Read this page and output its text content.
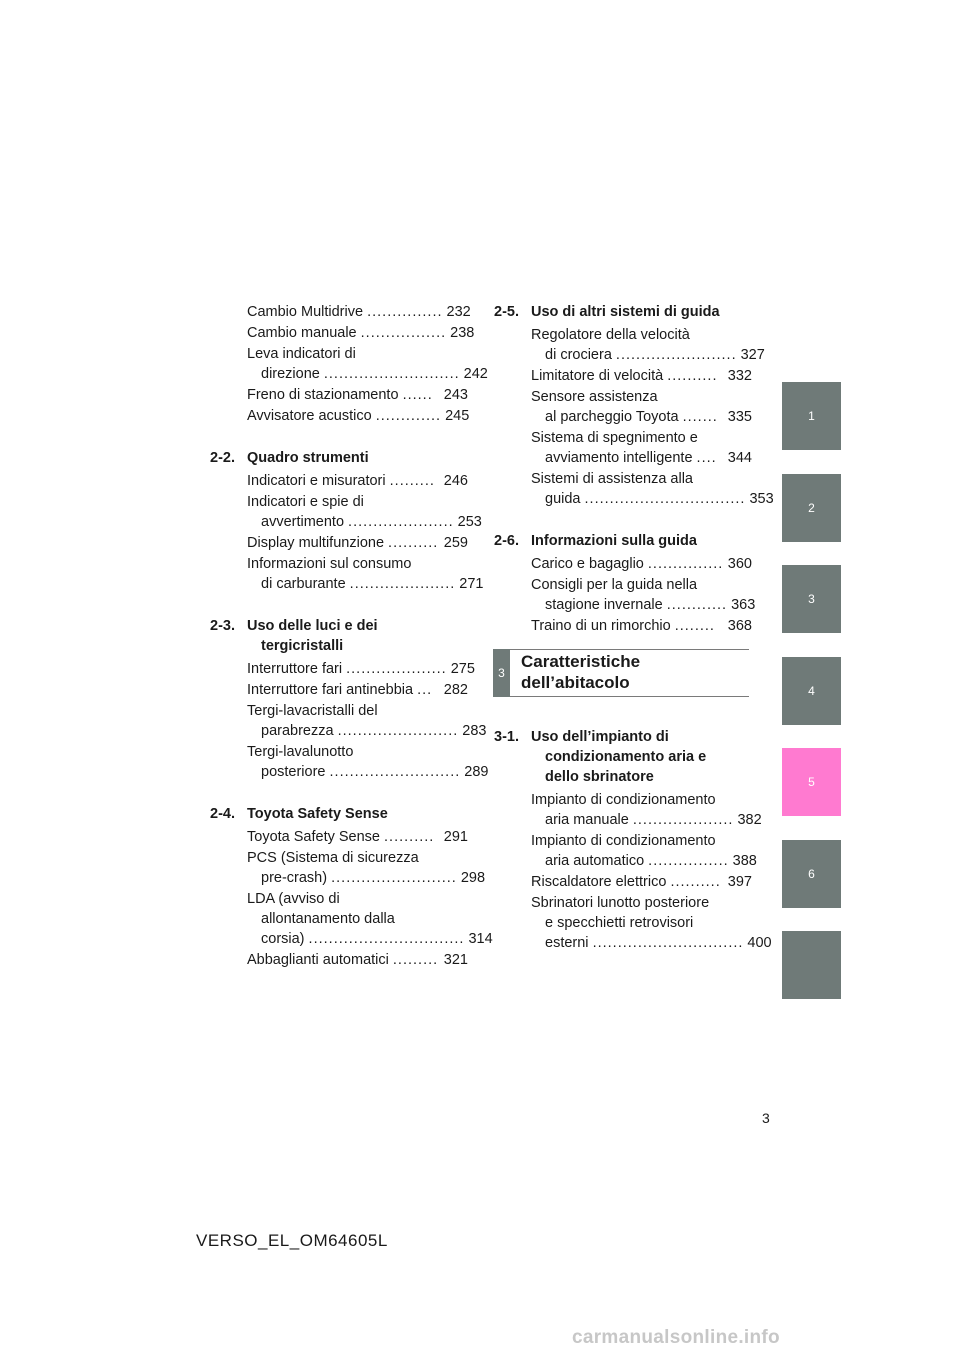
Cambio Multidrive ............... 232
Cambio manuale ................. 238
Leva indicatori di
direzione ........................... 242
Freno di stazionamento ...... 243
Avvisatore acustico ............. 245
2-2. Quadro strumenti
Indicatori e misuratori ......... 246
Indicatori e spie di
avvertimento ..................... 253
Display multifunzione .......... 259
Informazioni sul consumo
di carburante ..................... 271
2-3. Uso delle luci e dei
tergicristalli
Interruttore fari .................... 275
Interruttore fari antinebbia ... 282
Tergi-lavacristalli del
parabrezza ........................ 283
Tergi-lavalunotto
posteriore .......................... 289
2-4. Toyota Safety Sense
Toyota Safety Sense .......... 291
PCS (Sistema di sicurezza
pre-crash) ......................... 298
LDA (avviso di
allontanamento dalla
corsia) ............................... 314
Abbaglianti automatici ......... 321
2-5. Uso di altri sistemi di guida
Regolatore della velocità
di crociera ........................ 327
Limitatore di velocità .......... 332
Sensore assistenza
al parcheggio Toyota ....... 335
Sistema di spegnimento e
avviamento intelligente .... 344
Sistemi di assistenza alla
guida ................................ 353
2-6. Informazioni sulla guida
Carico e bagaglio ............... 360
Consigli per la guida nella
stagione invernale ............ 363
Traino di un rimorchio ........ 368
3
Caratteristiche
dell’abitacolo
3-1. Uso dell’impianto di
condizionamento aria e
dello sbrinatore
Impianto di condizionamento
aria manuale .................... 382
Impianto di condizionamento
aria automatico ................ 388
Riscaldatore elettrico .......... 397
Sbrinatori lunotto posteriore
e specchietti retrovisori
esterni .............................. 400
1
2
3
4
5
6
3
VERSO_EL_OM64605L
carmanualsonline.info
